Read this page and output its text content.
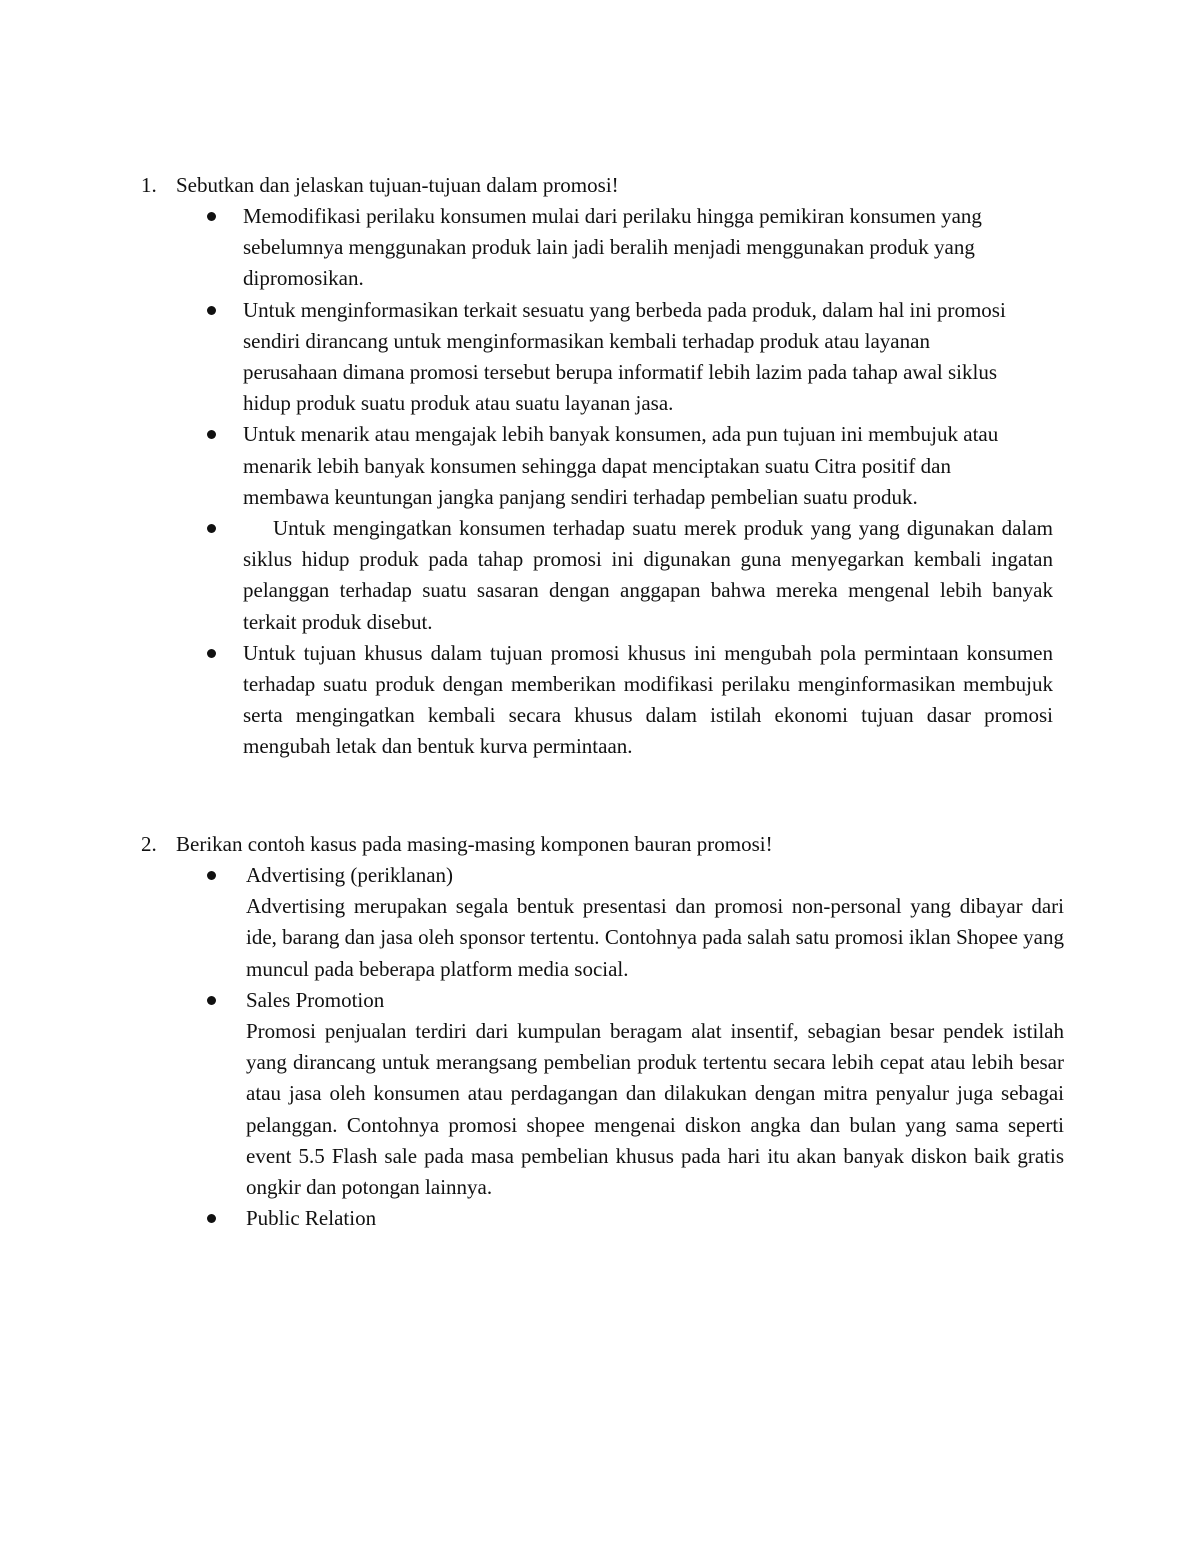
1. Sebutkan dan jelaskan tujuan-tujuan dalam promosi!
Memodifikasi perilaku konsumen mulai dari perilaku hingga pemikiran konsumen yang sebelumnya menggunakan produk lain jadi beralih menjadi menggunakan produk yang dipromosikan.
Untuk menginformasikan terkait sesuatu yang berbeda pada produk, dalam hal ini promosi sendiri dirancang untuk menginformasikan kembali terhadap produk atau layanan perusahaan dimana promosi tersebut berupa informatif lebih lazim pada tahap awal siklus hidup produk suatu produk atau suatu layanan jasa.
Untuk menarik atau mengajak lebih banyak konsumen, ada pun tujuan ini membujuk atau menarik lebih banyak konsumen sehingga dapat menciptakan suatu Citra positif dan membawa keuntungan jangka panjang sendiri terhadap pembelian suatu produk.
Untuk mengingatkan konsumen terhadap suatu merek produk yang yang digunakan dalam siklus hidup produk pada tahap promosi ini digunakan guna menyegarkan kembali ingatan pelanggan terhadap suatu sasaran dengan anggapan bahwa mereka mengenal lebih banyak terkait produk disebut.
Untuk tujuan khusus dalam tujuan promosi khusus ini mengubah pola permintaan konsumen terhadap suatu produk dengan memberikan modifikasi perilaku menginformasikan membujuk serta mengingatkan kembali secara khusus dalam istilah ekonomi tujuan dasar promosi mengubah letak dan bentuk kurva permintaan.
2. Berikan contoh kasus pada masing-masing komponen bauran promosi!
Advertising (periklanan)
Advertising merupakan segala bentuk presentasi dan promosi non-personal yang dibayar dari ide, barang dan jasa oleh sponsor tertentu. Contohnya pada salah satu promosi iklan Shopee yang muncul pada beberapa platform media social.
Sales Promotion
Promosi penjualan terdiri dari kumpulan beragam alat insentif, sebagian besar pendek istilah yang dirancang untuk merangsang pembelian produk tertentu secara lebih cepat atau lebih besar atau jasa oleh konsumen atau perdagangan dan dilakukan dengan mitra penyalur juga sebagai pelanggan. Contohnya promosi shopee mengenai diskon angka dan bulan yang sama seperti event 5.5 Flash sale pada masa pembelian khusus pada hari itu akan banyak diskon baik gratis ongkir dan potongan lainnya.
Public Relation
